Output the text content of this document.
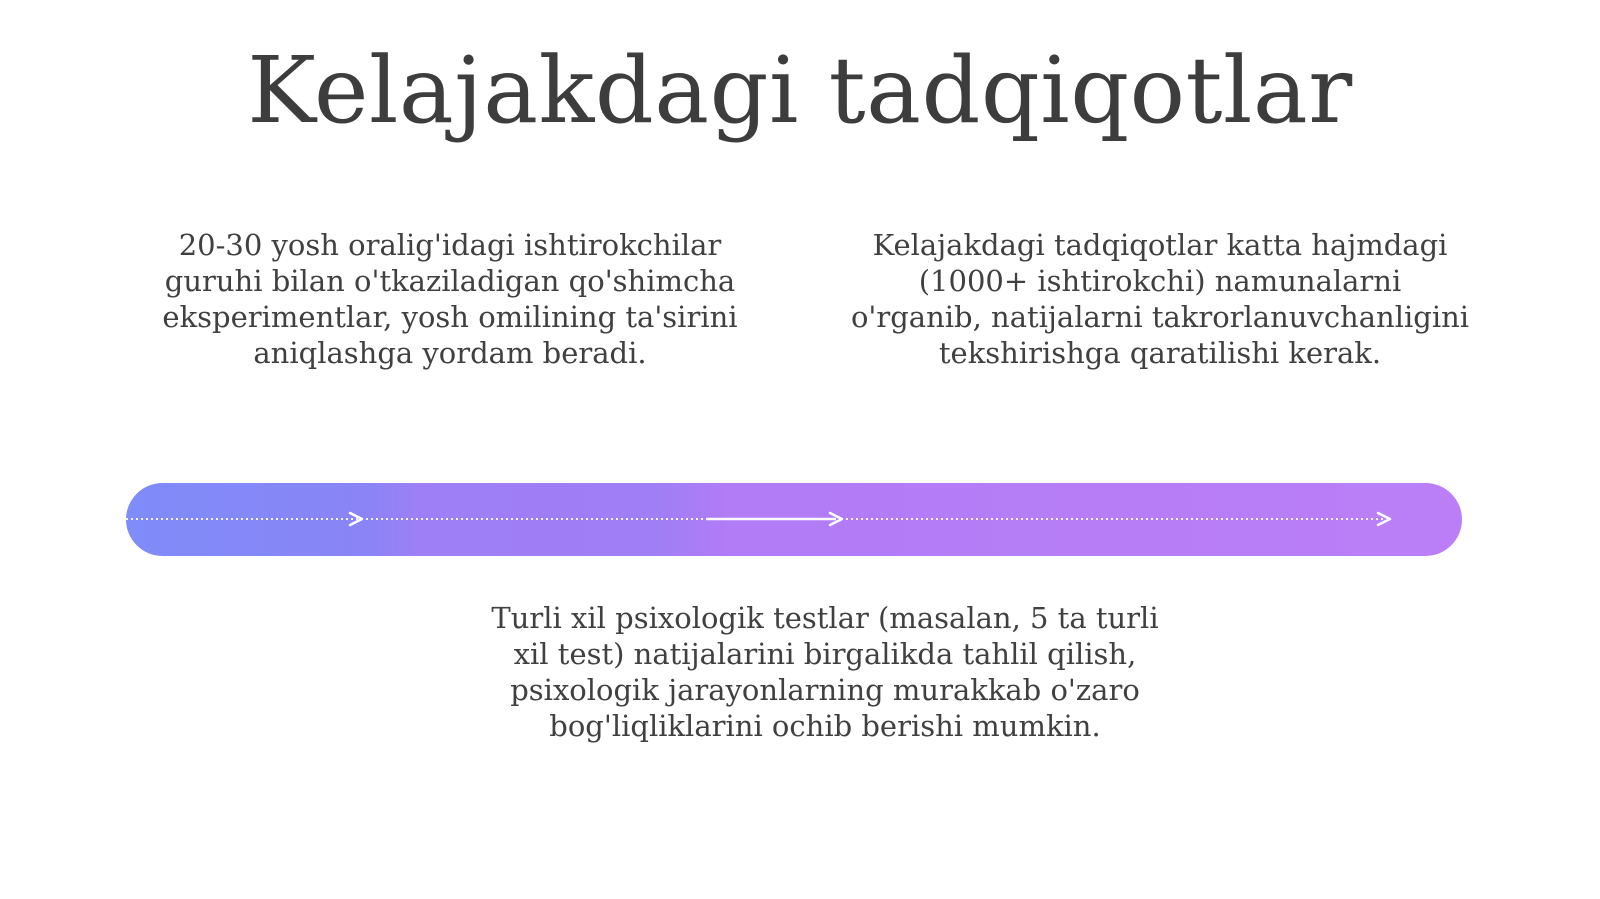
Kelajakdagi tadqiqotlar
20-30 yosh oralig'idagi ishtirokchilar guruhi bilan o'tkaziladigan qo'shimcha eksperimentlar, yosh omilining ta'sirini aniqlashga yordam beradi.
Kelajakdagi tadqiqotlar katta hajmdagi (1000+ ishtirokchi) namunalarni o'rganib, natijalarni takrorlanuvchanligini tekshirishga qaratilishi kerak.
Turli xil psixologik testlar (masalan, 5 ta turli xil test) natijalarini birgalikda tahlil qilish, psixologik jarayonlarning murakkab o'zaro bog'liqliklarini ochib berishi mumkin.
